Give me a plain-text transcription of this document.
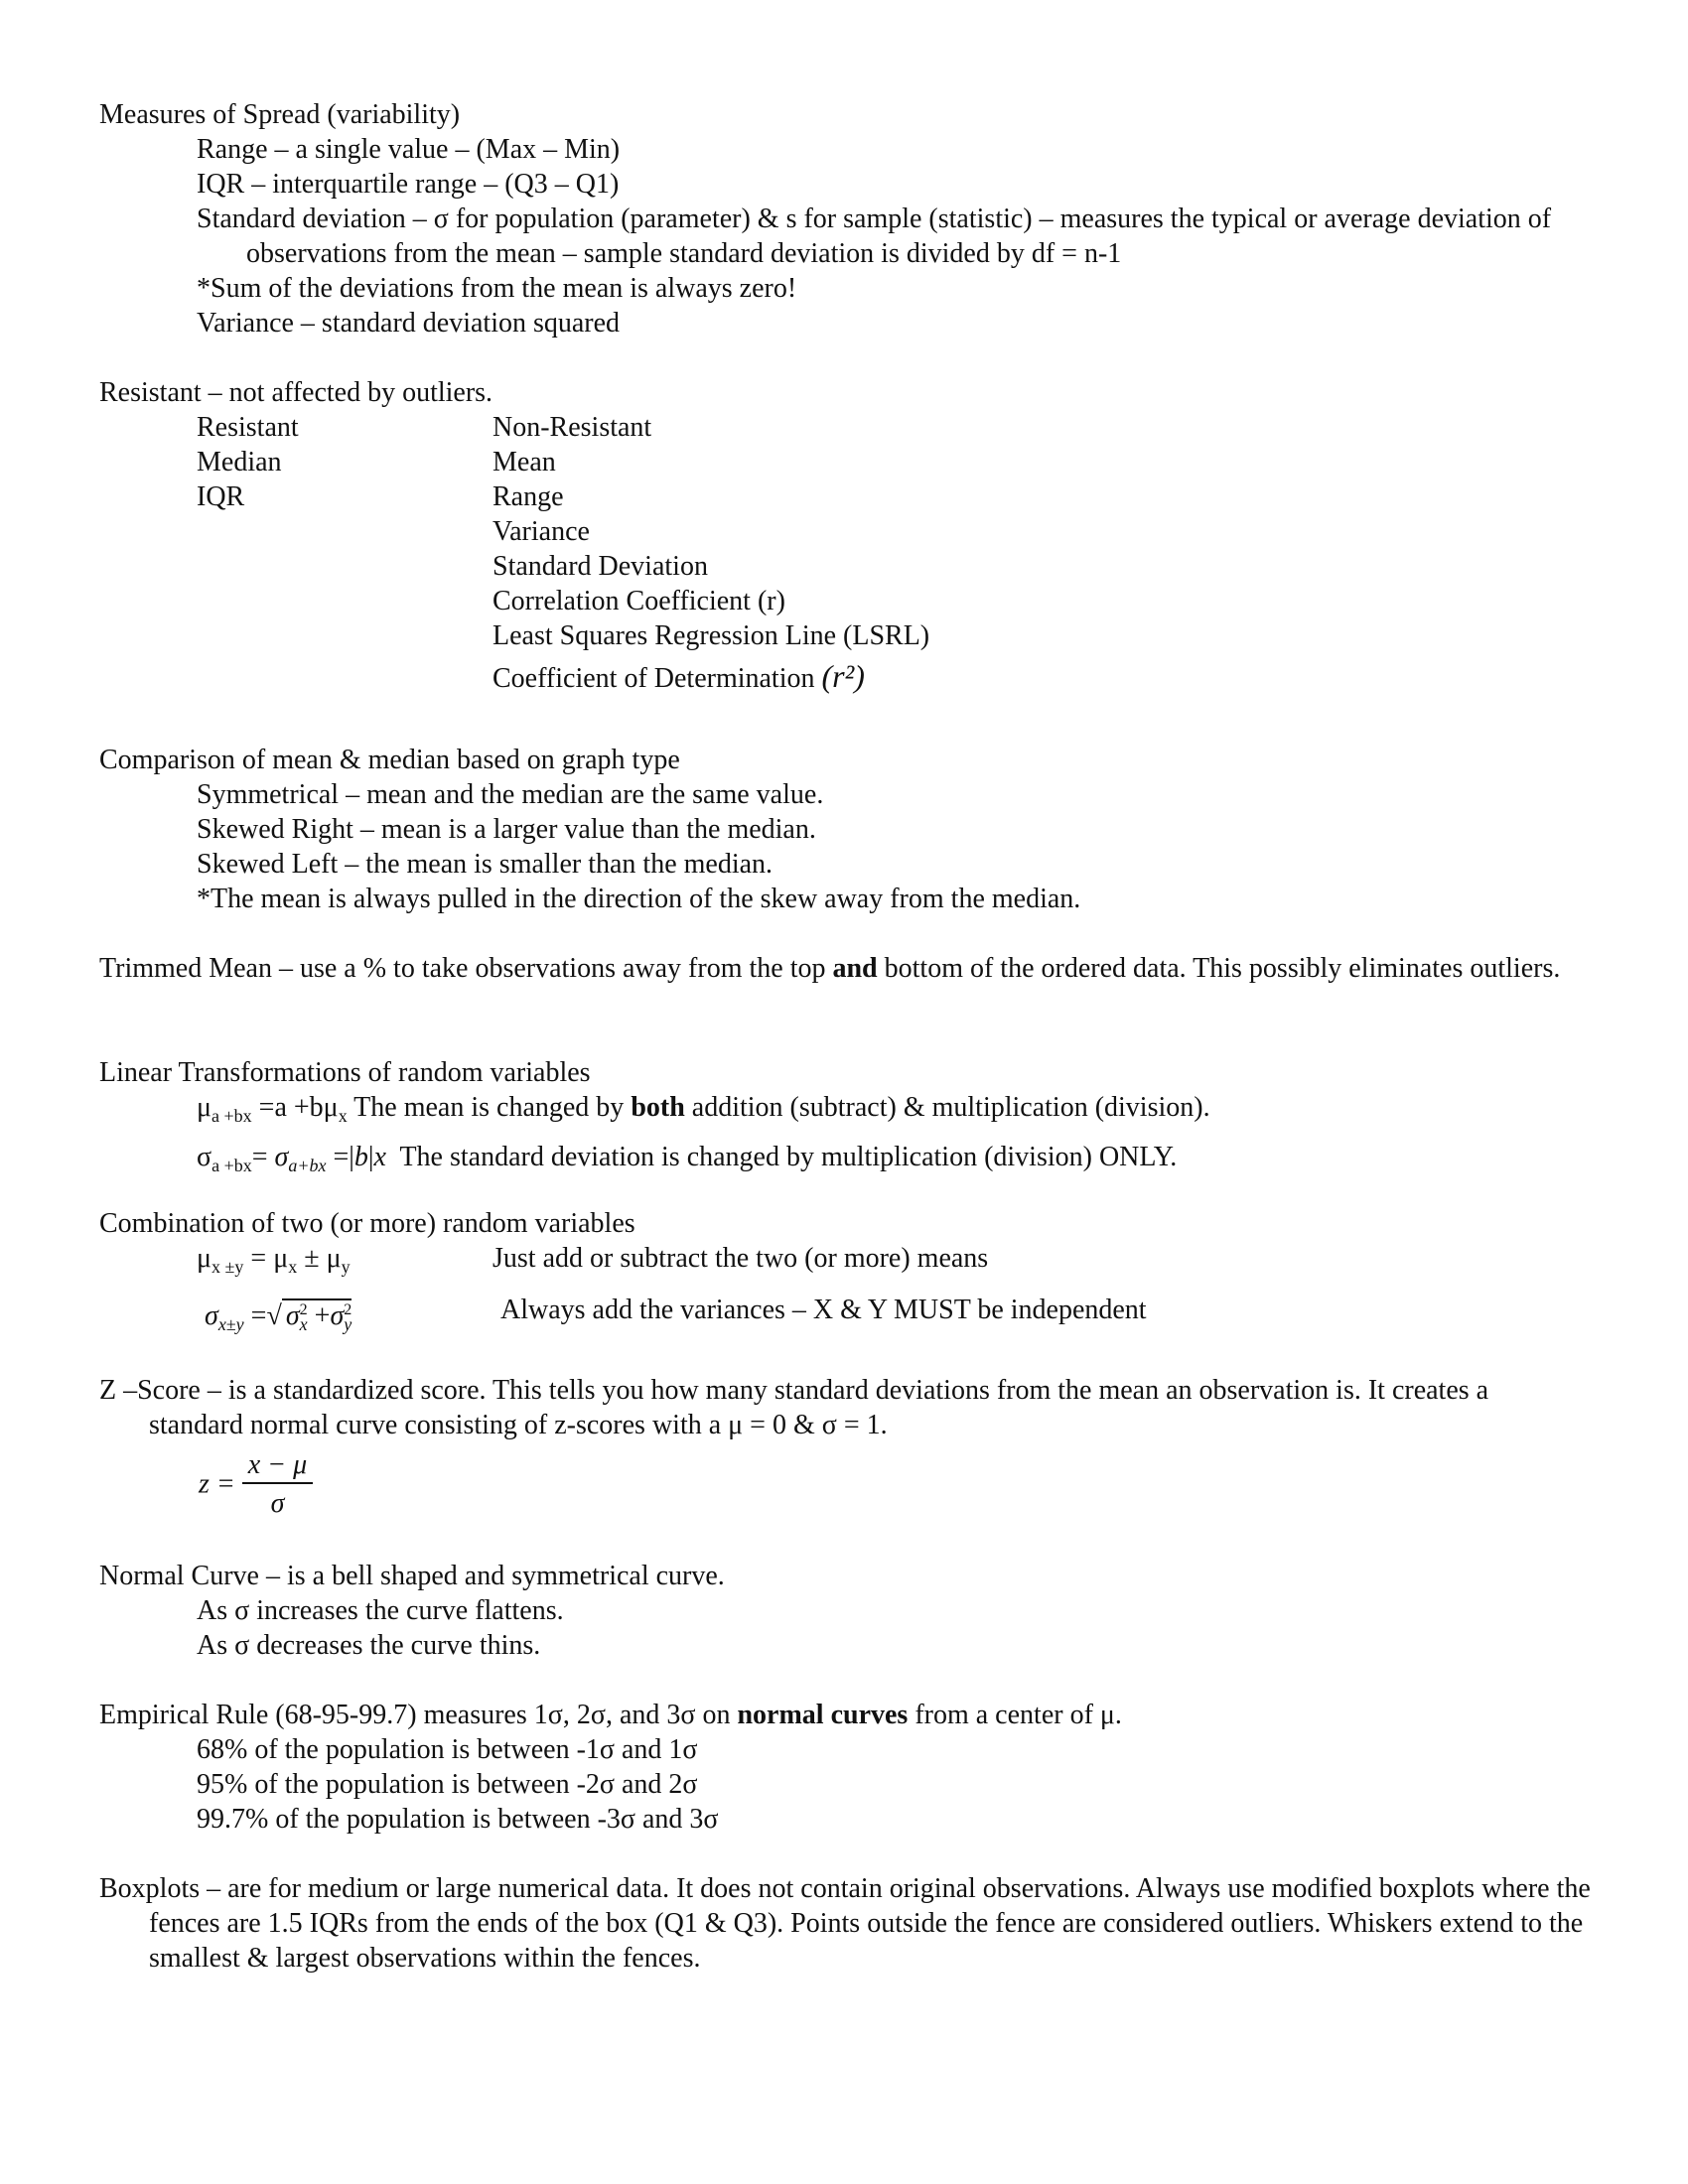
Measures of Spread (variability)
Range – a single value – (Max – Min)
IQR – interquartile range – (Q3 – Q1)
Standard deviation – σ for population (parameter) & s for sample (statistic) – measures the typical or average deviation of observations from the mean – sample standard deviation is divided by df = n-1
*Sum of the deviations from the mean is always zero!
Variance – standard deviation squared
Resistant – not affected by outliers.
Resistant
Median
IQR
Non-Resistant
Mean
Range
Variance
Standard Deviation
Correlation Coefficient (r)
Least Squares Regression Line (LSRL)
Coefficient of Determination (r²)
Comparison of mean & median based on graph type
Symmetrical – mean and the median are the same value.
Skewed Right – mean is a larger value than the median.
Skewed Left – the mean is smaller than the median.
*The mean is always pulled in the direction of the skew away from the median.
Trimmed Mean – use a % to take observations away from the top and bottom of the ordered data. This possibly eliminates outliers.
Linear Transformations of random variables
$\mu_{a +bx} =a +b\mu_x$ The mean is changed by both addition (subtract) & multiplication (division).
$\sigma_{a +bx}= \sigma_{a+bx} =|b|x$ The standard deviation is changed by multiplication (division) ONLY.
Combination of two (or more) random variables
$\mu_{x \pm y} = \mu_x \pm \mu_y$	Just add or subtract the two (or more) means
$\sigma_{x\pm y}$ =√ $\sigma^2_x +\sigma^2_y$	Always add the variances – X & Y MUST be independent
Z –Score – is a standardized score. This tells you how many standard deviations from the mean an observation is. It creates a standard normal curve consisting of z-scores with a μ = 0 & σ = 1.
$z = \frac{x - \mu}{\sigma}$
Normal Curve – is a bell shaped and symmetrical curve.
As σ increases the curve flattens.
As σ decreases the curve thins.
Empirical Rule (68-95-99.7) measures 1σ, 2σ, and 3σ on normal curves from a center of μ.
68% of the population is between -1σ and 1σ
95% of the population is between -2σ and 2σ
99.7% of the population is between -3σ and 3σ
Boxplots – are for medium or large numerical data. It does not contain original observations. Always use modified boxplots where the fences are 1.5 IQRs from the ends of the box (Q1 & Q3). Points outside the fence are considered outliers. Whiskers extend to the smallest & largest observations within the fences.
